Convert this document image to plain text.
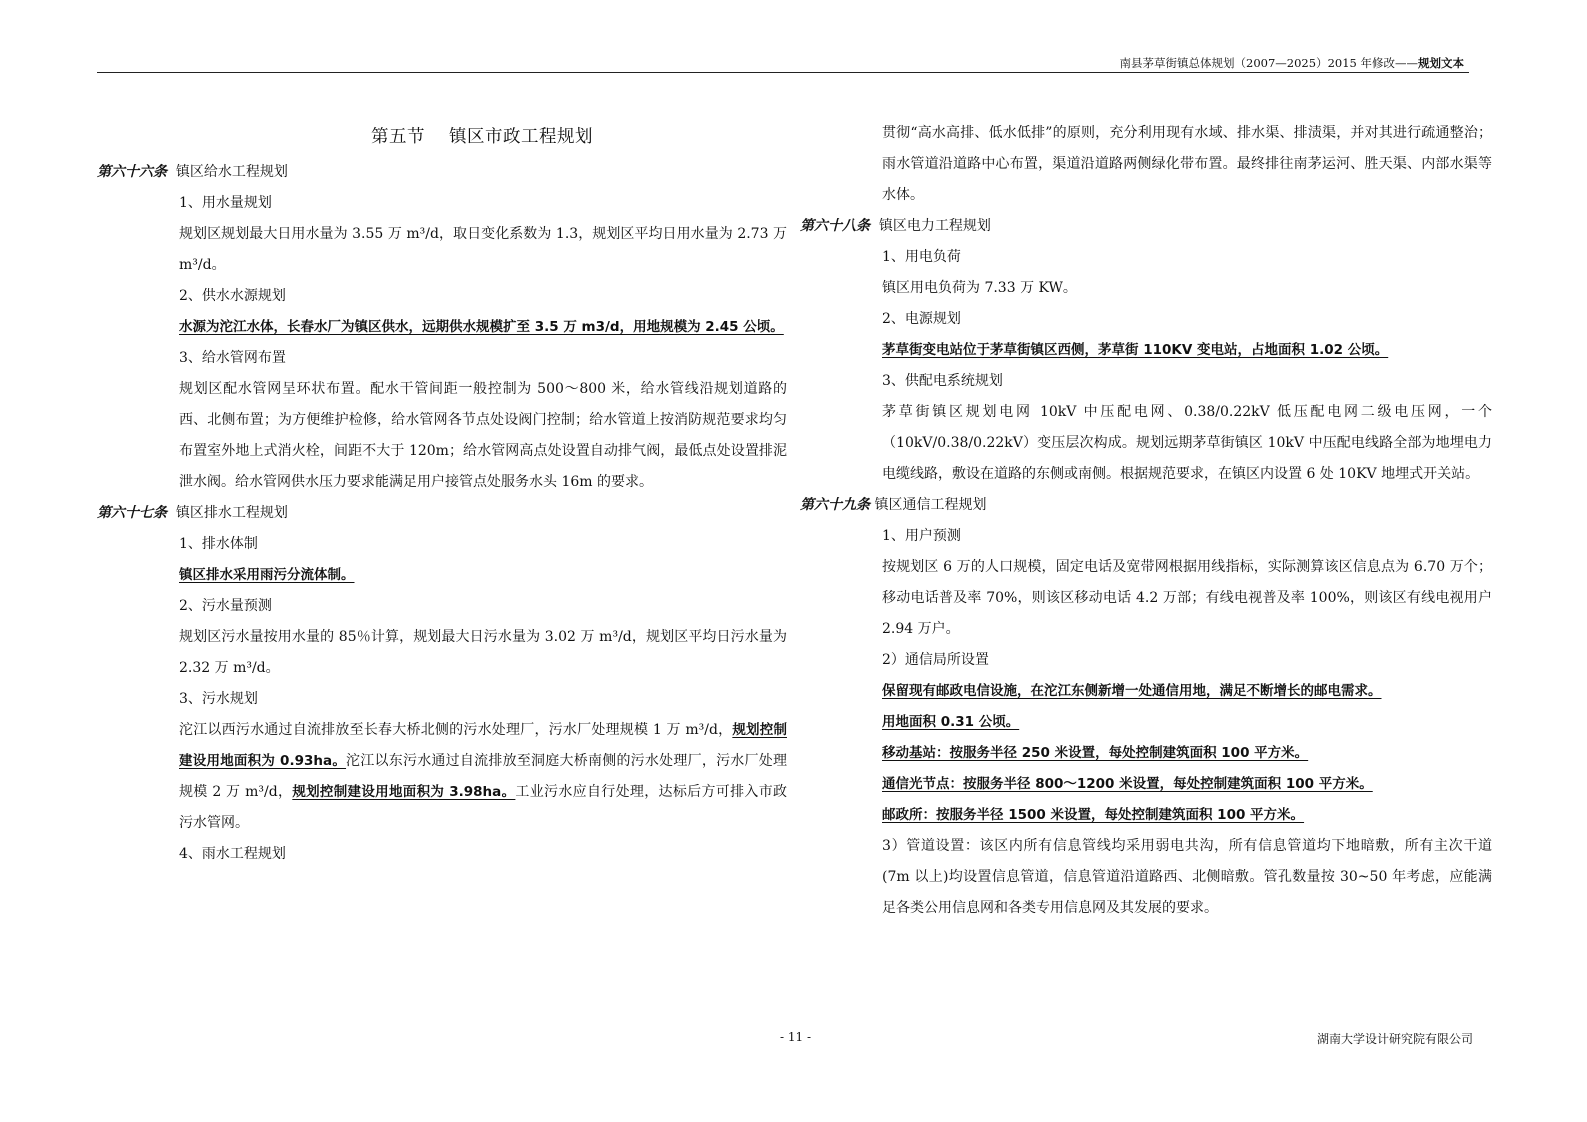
南县茅草街镇总体规划（2007—2025）2015 年修改——规划文本

第五节　 镇区市政工程规划

第六十六条 镇区给水工程规划

1、用水量规划

规划区规划最大日用水量为 3.55 万 m³/d，取日变化系数为 1.3，规划区平均日用水量为 2.73 万 m³/d。

2、供水水源规划

水源为沱江水体，长春水厂为镇区供水，远期供水规模扩至 3.5 万 m3/d，用地规模为 2.45 公顷。

3、给水管网布置

规划区配水管网呈环状布置。配水干管间距一般控制为 500～800 米，给水管线沿规划道路的西、北侧布置；为方便维护检修，给水管网各节点处设阀门控制；给水管道上按消防规范要求均匀布置室外地上式消火栓，间距不大于 120m；给水管网高点处设置自动排气阀，最低点处设置排泥泄水阀。给水管网供水压力要求能满足用户接管点处服务水头 16m 的要求。

第六十七条 镇区排水工程规划

1、排水体制

镇区排水采用雨污分流体制。

2、污水量预测

规划区污水量按用水量的 85％计算，规划最大日污水量为 3.02 万 m³/d，规划区平均日污水量为 2.32 万 m³/d。

3、污水规划

沱江以西污水通过自流排放至长春大桥北侧的污水处理厂，污水厂处理规模 1 万 m³/d，规划控制建设用地面积为 0.93ha。沱江以东污水通过自流排放至洞庭大桥南侧的污水处理厂，污水厂处理规模 2 万 m³/d，规划控制建设用地面积为 3.98ha。工业污水应自行处理，达标后方可排入市政污水管网。

4、雨水工程规划

贯彻“高水高排、低水低排”的原则，充分利用现有水域、排水渠、排渍渠，并对其进行疏通整治；雨水管道沿道路中心布置，渠道沿道路两侧绿化带布置。最终排往南茅运河、胜天渠、内部水渠等水体。

第六十八条 镇区电力工程规划

1、用电负荷

镇区用电负荷为 7.33 万 KW。

2、电源规划

茅草街变电站位于茅草街镇区西侧，茅草街 110KV 变电站，占地面积 1.02 公顷。

3、供配电系统规划

茅草街镇区规划电网 10kV 中压配电网、0.38/0.22kV 低压配电网二级电压网，一个（10kV/0.38/0.22kV）变压层次构成。规划远期茅草街镇区 10kV 中压配电线路全部为地埋电力电缆线路，敷设在道路的东侧或南侧。根据规范要求，在镇区内设置 6 处 10KV 地埋式开关站。

第六十九条 镇区通信工程规划

1、用户预测

按规划区 6 万的人口规模，固定电话及宽带网根据用线指标，实际测算该区信息点为 6.70 万个；移动电话普及率 70%，则该区移动电话 4.2 万部；有线电视普及率 100%，则该区有线电视用户 2.94 万户。

2）通信局所设置

保留现有邮政电信设施，在沱江东侧新增一处通信用地，满足不断增长的邮电需求。

用地面积 0.31 公顷。

移动基站：按服务半径 250 米设置，每处控制建筑面积 100 平方米。

通信光节点：按服务半径 800～1200 米设置，每处控制建筑面积 100 平方米。

邮政所：按服务半径 1500 米设置，每处控制建筑面积 100 平方米。

3）管道设置：该区内所有信息管线均采用弱电共沟，所有信息管道均下地暗敷，所有主次干道(7m 以上)均设置信息管道，信息管道沿道路西、北侧暗敷。管孔数量按 30~50 年考虑，应能满足各类公用信息网和各类专用信息网及其发展的要求。

- 11 -	湖南大学设计研究院有限公司
